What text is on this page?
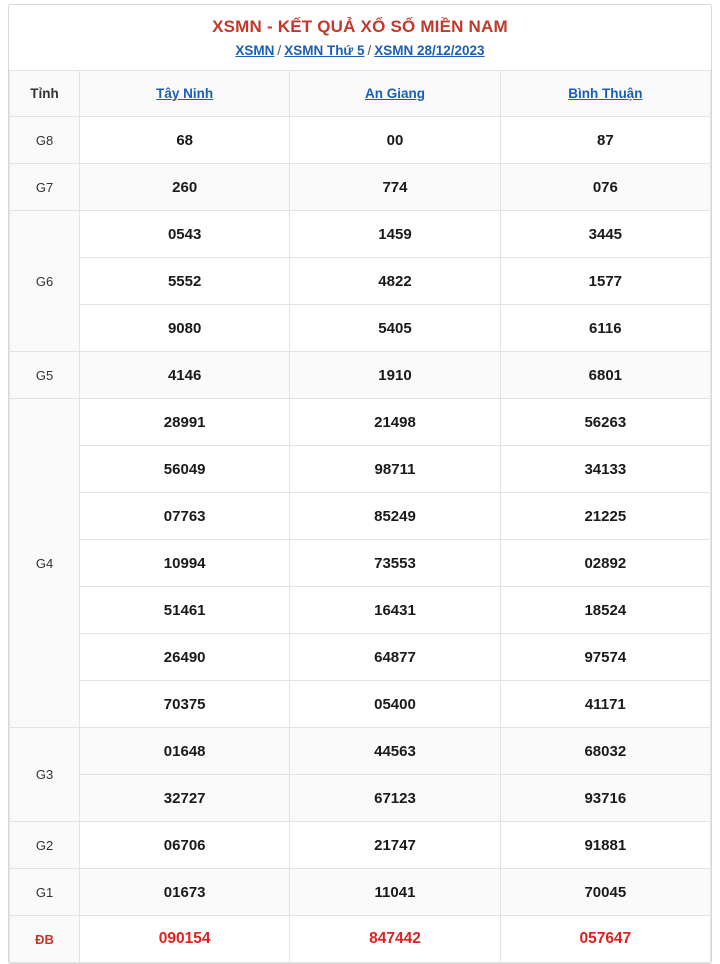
XSMN - KẾT QUẢ XỔ SỐ MIỀN NAM
XSMN / XSMN Thứ 5 / XSMN 28/12/2023
Tỉnh	Tây Ninh	An Giang	Bình Thuận
G8	68	00	87
G7	260	774	076
G6	0543	1459	3445
	5552	4822	1577
	9080	5405	6116
G5	4146	1910	6801
G4	28991	21498	56263
	56049	98711	34133
	07763	85249	21225
	10994	73553	02892
	51461	16431	18524
	26490	64877	97574
	70375	05400	41171
G3	01648	44563	68032
	32727	67123	93716
G2	06706	21747	91881
G1	01673	11041	70045
ĐB	090154	847442	057647
